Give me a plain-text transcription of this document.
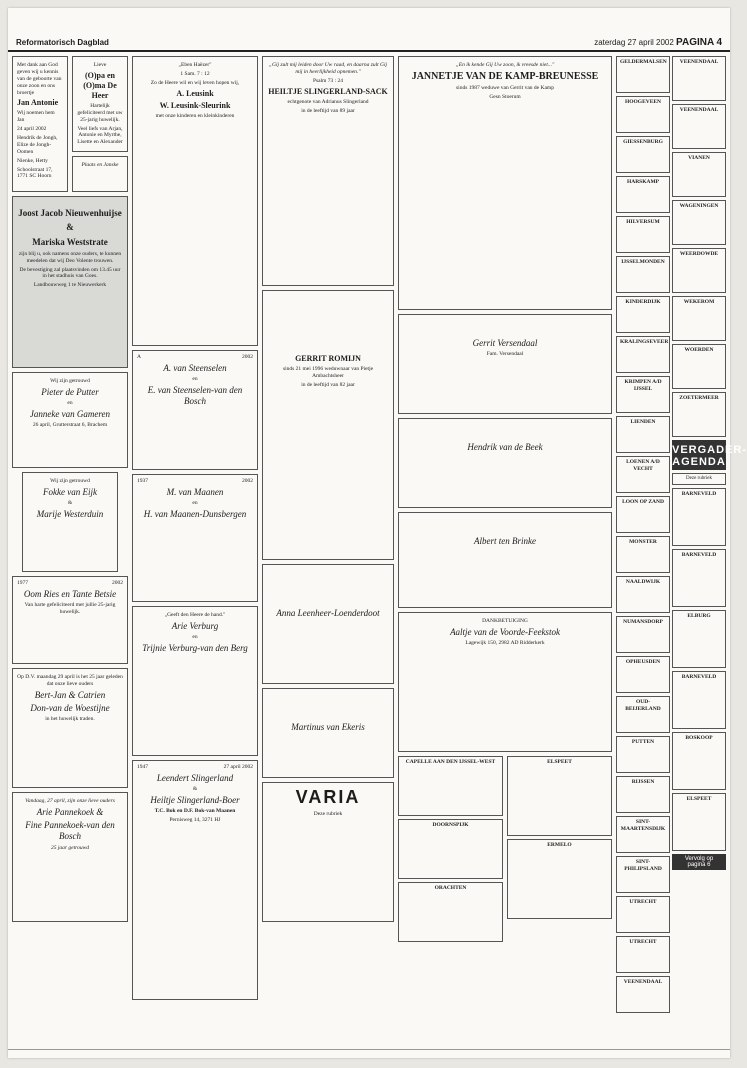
Reformatorisch Dagblad	zaterdag 27 april 2002 PAGINA 4

Met dank aan God geven wij u kennis van de geboorte van onze zoon en ons broertje

Jan Antonie

Wij noemen hem Jan

24 april 2002

Hendrik de Jongh, Elize de Jongh-Oomen

Nienke, Hetty

Schoolstraat 17, 1771 SC Hoorn

Lieve

(O)pa en (O)ma De Heer

Hartelijk gefeliciteerd met uw 25-jarig huwelijk.

Veel liefs van Arjan, Antonie en Myrthe, Lisette en Alexander

Plaats en Janske

Joost Jacob Nieuwenhuijse
&
Mariska Weststrate

zijn blij u, ook namens onze ouders, te kunnen meedelen dat wij Deo Volente trouwen.

De bevestiging zal plaatsvinden om 13.45 uur in het stadhuis van Goes.

Landbouwweg 1 te Nieuwerkerk

Wij zijn getrouwd

Pieter de Putter

en

Janneke van Gameren

26 april, Grutterstraat 6, Brachem

Wij zijn getrouwd

Fokke van Eijk

&

Marije Westerduin
1977	2002
Oom Ries en Tante Betsie

Van harte gefeliciteerd met jullie 25-jarig huwelijk.

Op D.V. maandag 29 april is het 25 jaar geleden dat onze lieve ouders

Bert-Jan & Catrien
Don-van de Woestijne

in het huwelijk traden.

Vandaag, 27 april, zijn onze lieve ouders

Arie Pannekoek &
Fine Pannekoek-van den Bosch

25 jaar getrouwd

„Eben Haëzer"

1 Sam. 7 : 12

Zo de Heere wil en wij leven hopen wij,

A. Leusink
W. Leusink-Sleurink

met onze kinderen en kleinkinderen

A	2002
A. van Steenselen

en

E. van Steenselen-van den Bosch
1937	2002
M. van Maanen

en

H. van Maanen-Dunsbergen

„Geeft den Heere de hand."

Arie Verburg

en

Trijnie Verburg-van den Berg
1947	27 april 2002
Leendert Slingerland

&

Heiltje Slingerland-Boer

T.C. Bok en D.F. Bok-van Maanen

Pernisweg 14, 3271 HJ

„Gij zult mij leiden door Uw raad, en daarna zult Gij mij in heerlijkheid opnemen."

Psalm 73 : 24

HEILTJE SLINGERLAND-SACK

echtgenote van Adrianus Slingerland

in de leeftijd van 89 jaar

GERRIT ROMIJN

sinds 21 mei 1996 weduwnaar van Pietje Ambachtsheer

in de leeftijd van 82 jaar

Anna Leenheer-Loenderdoot
Martinus van Ekeris
VARIA

Deze rubriek

„En ik kende Gij Uw zoon, ik vreesde niet..."

JANNETJE VAN DE KAMP-BREUNESSE

sinds 1987 weduwe van Gerrit van de Kamp

Gesn Stoerum

Gerrit Versendaal

Fam. Versendaal

Hendrik van de Beek
Albert ten Brinke

DANKBETUIGING

Aaltje van de Voorde-Feekstok

Lagewijk 150, 2982 AD Ridderkerk

CAPELLE AAN DEN IJSSEL-WEST
DOORNSPIJK
ORACHTEN
ELSPEET
ERMELO
GELDERMALSEN
HOOGEVEEN
GIESSENBURG
HARSKAMP
HILVERSUM
IJSSELMONDEN
KINDERDIJK
KRALINGSEVEER
KRIMPEN A/D IJSSEL
LIENDEN
LOENEN A/D VECHT
LOON OP ZAND
MONSTER
NAALDWIJK
NUMANSDORP
OPHEUSDEN
OUD-BEIJERLAND
PUTTEN
RIJSSEN
SINT-MAARTENSDIJK
SINT-PHILIPSLAND
UTRECHT
UTRECHT
VEENENDAAL
VEENENDAAL
VEENENDAAL
VIANEN
WAGENINGEN
WEERDOWDE
WEKEROM
WOERDEN
ZOETERMEER
VERGADER-
AGENDA
Deze rubriek
BARNEVELD
BARNEVELD
ELBURG
BARNEVELD
BOSKOOP
ELSPEET
Vervolg op pagina 6
